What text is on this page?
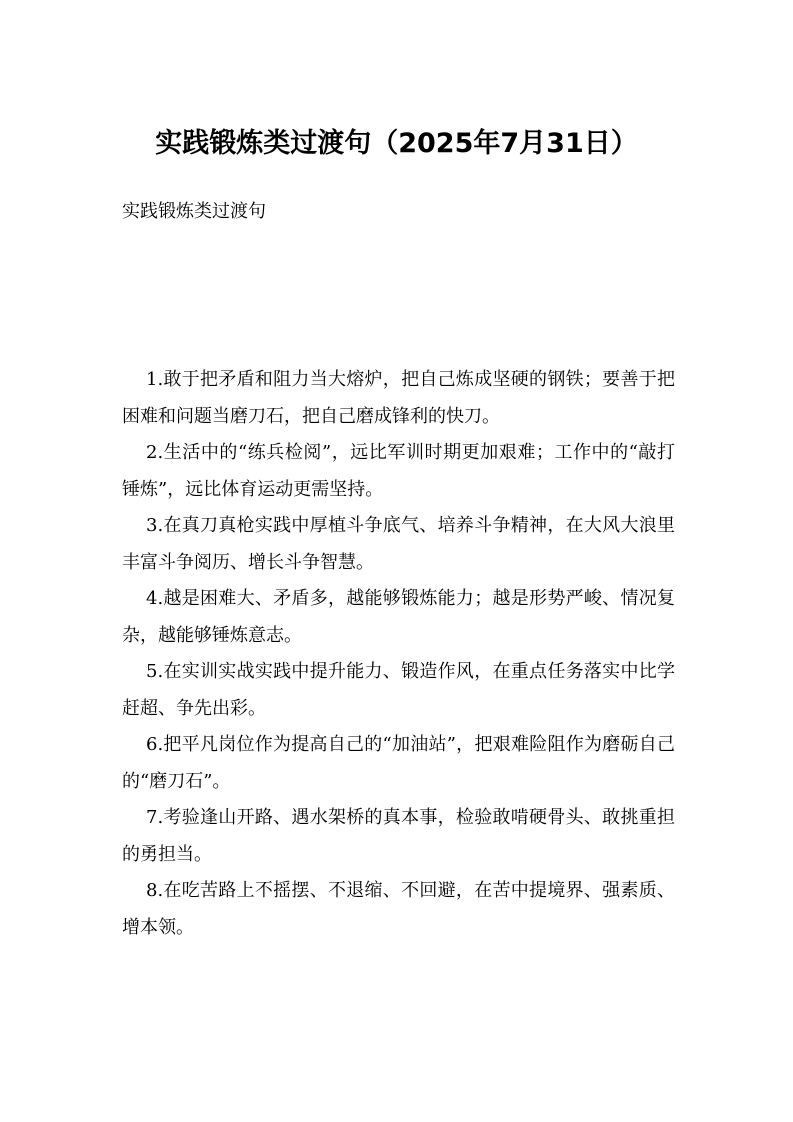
实践锻炼类过渡句（2025年7月31日）

实践锻炼类过渡句

1.敢于把矛盾和阻力当大熔炉，把自己炼成坚硬的钢铁；要善于把困难和问题当磨刀石，把自己磨成锋利的快刀。
2.生活中的“练兵检阅”，远比军训时期更加艰难；工作中的“敲打锤炼”，远比体育运动更需坚持。
3.在真刀真枪实践中厚植斗争底气、培养斗争精神，在大风大浪里丰富斗争阅历、增长斗争智慧。
4.越是困难大、矛盾多，越能够锻炼能力；越是形势严峻、情况复杂，越能够锤炼意志。
5.在实训实战实践中提升能力、锻造作风，在重点任务落实中比学赶超、争先出彩。
6.把平凡岗位作为提高自己的“加油站”，把艰难险阻作为磨砺自己的“磨刀石”。
7.考验逢山开路、遇水架桥的真本事，检验敢啃硬骨头、敢挑重担的勇担当。
8.在吃苦路上不摇摆、不退缩、不回避，在苦中提境界、强素质、增本领。
